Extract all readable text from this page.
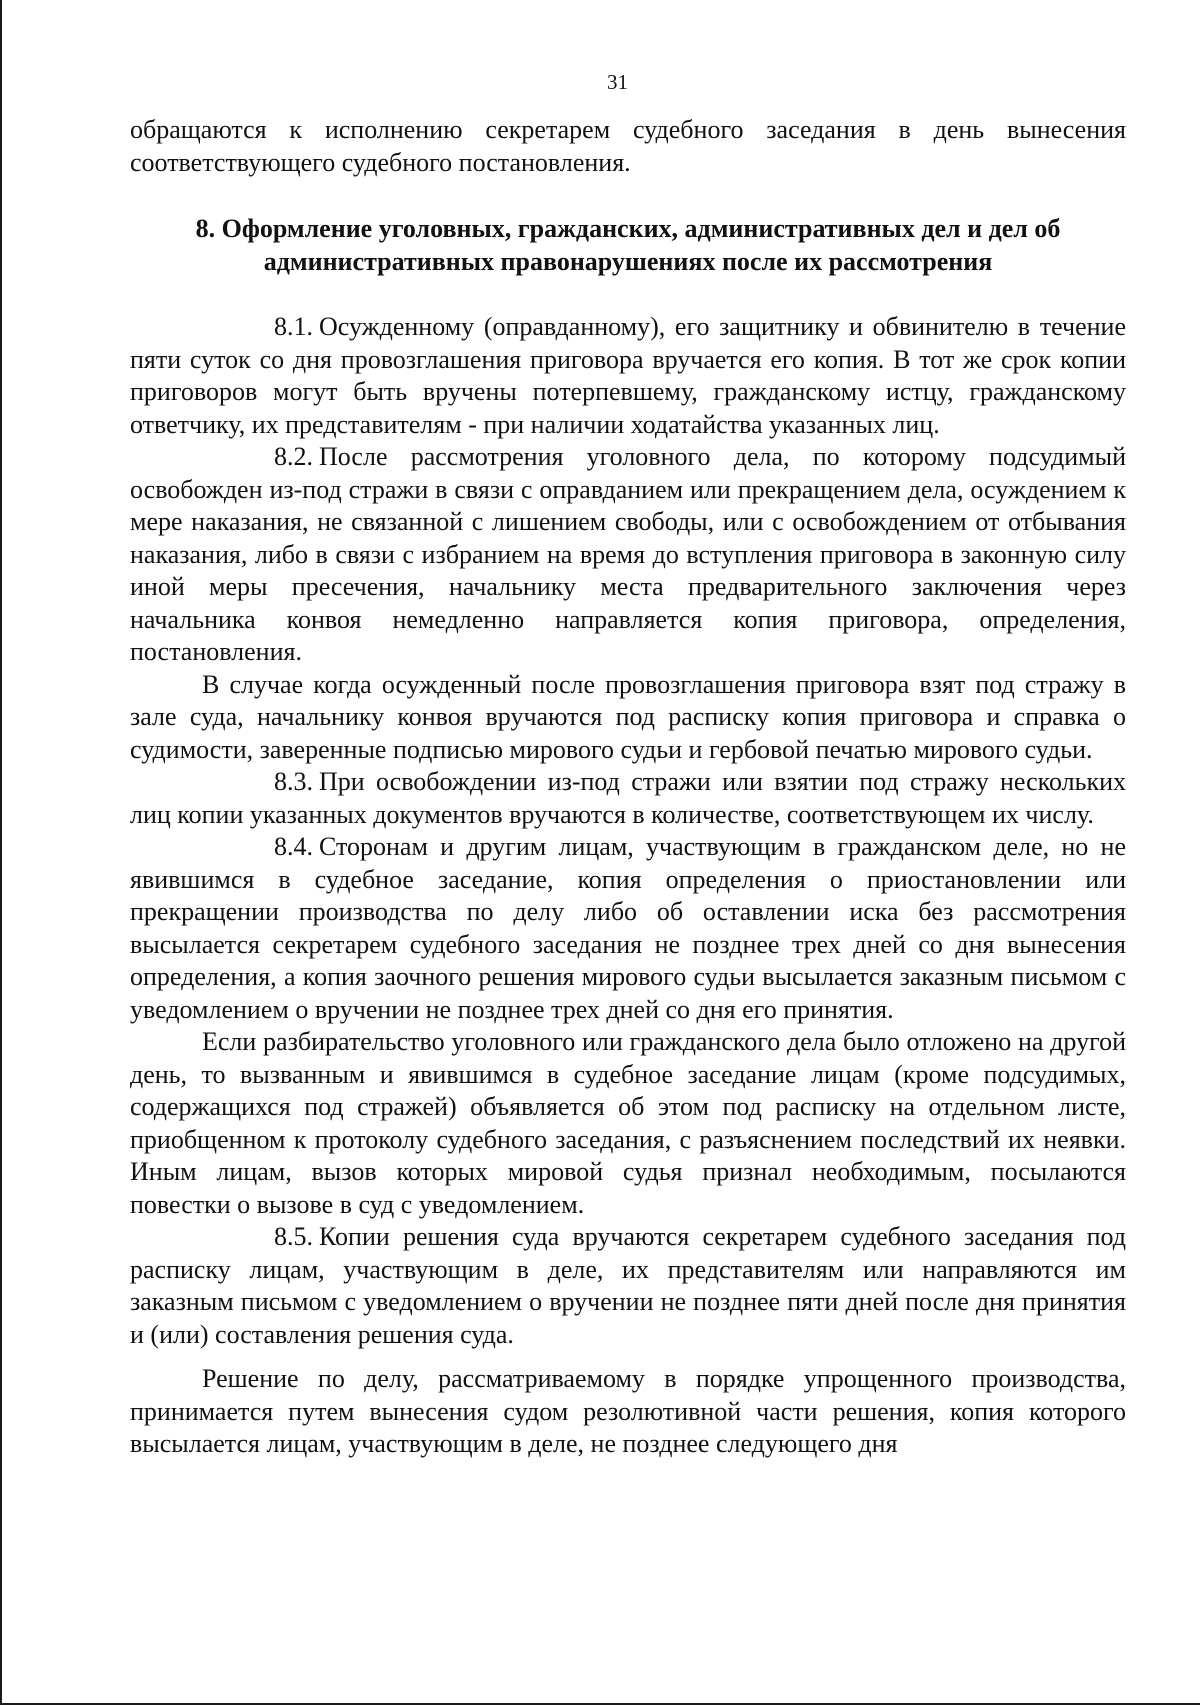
31

обращаются к исполнению секретарем судебного заседания в день вынесения соответствующего судебного постановления.

8. Оформление уголовных, гражданских, административных дел и дел об административных правонарушениях после их рассмотрения

8.1. Осужденному (оправданному), его защитнику и обвинителю в течение пяти суток со дня провозглашения приговора вручается его копия. В тот же срок копии приговоров могут быть вручены потерпевшему, гражданскому истцу, гражданскому ответчику, их представителям - при наличии ходатайства указанных лиц.

8.2. После рассмотрения уголовного дела, по которому подсудимый освобожден из-под стражи в связи с оправданием или прекращением дела, осуждением к мере наказания, не связанной с лишением свободы, или с освобождением от отбывания наказания, либо в связи с избранием на время до вступления приговора в законную силу иной меры пресечения, начальнику места предварительного заключения через начальника конвоя немедленно направляется копия приговора, определения, постановления.

В случае когда осужденный после провозглашения приговора взят под стражу в зале суда, начальнику конвоя вручаются под расписку копия приговора и справка о судимости, заверенные подписью мирового судьи и гербовой печатью мирового судьи.

8.3. При освобождении из-под стражи или взятии под стражу нескольких лиц копии указанных документов вручаются в количестве, соответствующем их числу.

8.4. Сторонам и другим лицам, участвующим в гражданском деле, но не явившимся в судебное заседание, копия определения о приостановлении или прекращении производства по делу либо об оставлении иска без рассмотрения высылается секретарем судебного заседания не позднее трех дней со дня вынесения определения, а копия заочного решения мирового судьи высылается заказным письмом с уведомлением о вручении не позднее трех дней со дня его принятия.

Если разбирательство уголовного или гражданского дела было отложено на другой день, то вызванным и явившимся в судебное заседание лицам (кроме подсудимых, содержащихся под стражей) объявляется об этом под расписку на отдельном листе, приобщенном к протоколу судебного заседания, с разъяснением последствий их неявки. Иным лицам, вызов которых мировой судья признал необходимым, посылаются повестки о вызове в суд с уведомлением.

8.5. Копии решения суда вручаются секретарем судебного заседания под расписку лицам, участвующим в деле, их представителям или направляются им заказным письмом с уведомлением о вручении не позднее пяти дней после дня принятия и (или) составления решения суда.

Решение по делу, рассматриваемому в порядке упрощенного производства, принимается путем вынесения судом резолютивной части решения, копия которого высылается лицам, участвующим в деле, не позднее следующего дня
